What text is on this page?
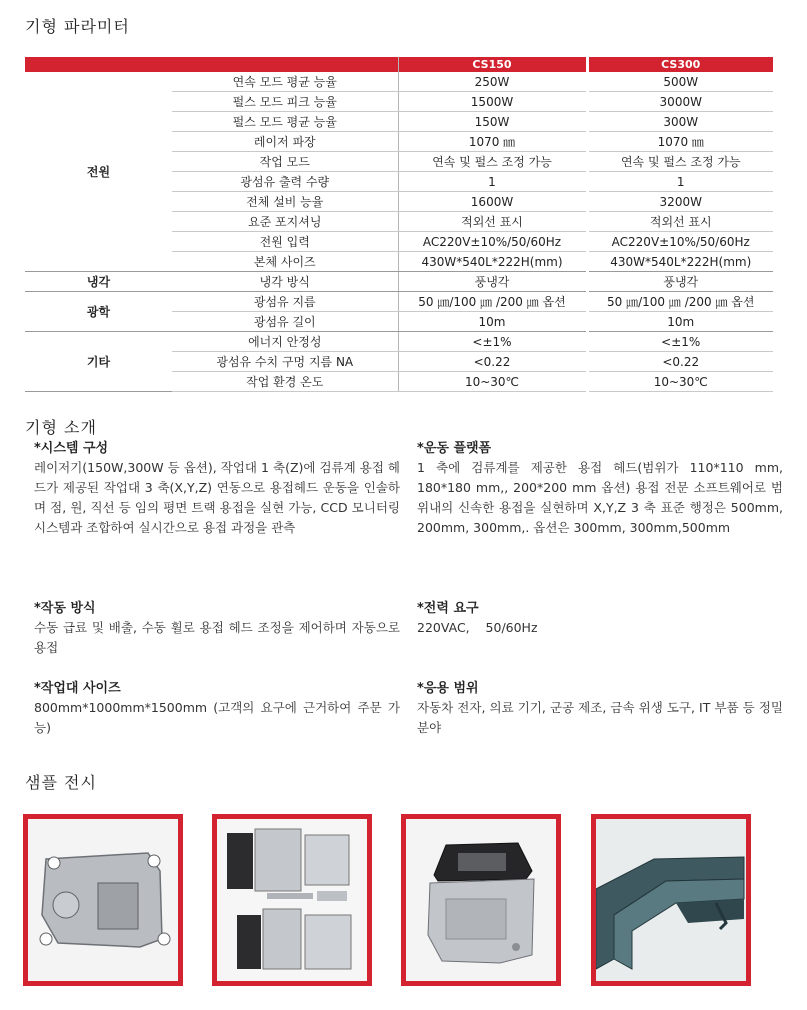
기형 파라미터
		CS150	CS300
전원	연속 모드 평균 능율	250W	500W
	펄스 모드 피크 능율	1500W	3000W
	펄스 모드 평균 능율	150W	300W
	레이저 파장	1070 ㎚	1070 ㎚
	작업 모드	연속 및 펄스 조정 가능	연속 및 펄스 조정 가능
	광섬유 출력 수량	1	1
	전체 설비 능율	1600W	3200W
	요준 포지셔닝	적외선 표시	적외선 표시
	전원 입력	AC220V±10%/50/60Hz	AC220V±10%/50/60Hz
	본체 사이즈	430W*540L*222H(mm)	430W*540L*222H(mm)
냉각	냉각 방식	풍냉각	풍냉각
광학	광섬유 지름	50 ㎛/100 ㎛ /200 ㎛ 옵션	50 ㎛/100 ㎛ /200 ㎛ 옵션
	광섬유 길이	10m	10m
기타	에너지 안정성	<±1%	<±1%
	광섬유 수치 구멍 지름 NA	<0.22	<0.22
	작업 환경 온도	10~30℃	10~30℃
기형 소개
*시스템 구성

레이저기(150W,300W 등 옵션), 작업대 1 축(Z)에 검류계 용접 헤드가 제공된 작업대 3 축(X,Y,Z) 연동으로 용접헤드 운동을 인솔하며 점, 원, 직선 등 임의 평면 트랙 용접을 실현 가능, CCD 모니터링 시스템과 조합하여 실시간으로 용접 과정을 관측

*운동 플랫폼

1 축에 검류계를 제공한 용접 헤드(범위가 110*110 mm, 180*180 mm,, 200*200 mm 옵션) 용접 전문 소프트웨어로 범위내의 신속한 용접을 실현하며 X,Y,Z 3 축 표준 행정은 500mm, 200mm, 300mm,. 옵션은 300mm, 300mm,500mm

*작동 방식

수동 급료 및 배출, 수동 휠로 용접 헤드 조정을 제어하며 자동으로 용접

*전력 요구

220VAC,    50/60Hz

*작업대 사이즈

800mm*1000mm*1500mm (고객의 요구에 근거하여 주문 가능)

*응용 범위

자동차 전자, 의료 기기, 군공 제조, 금속 위생 도구, IT 부품 등 정밀 분야

샘플 전시
